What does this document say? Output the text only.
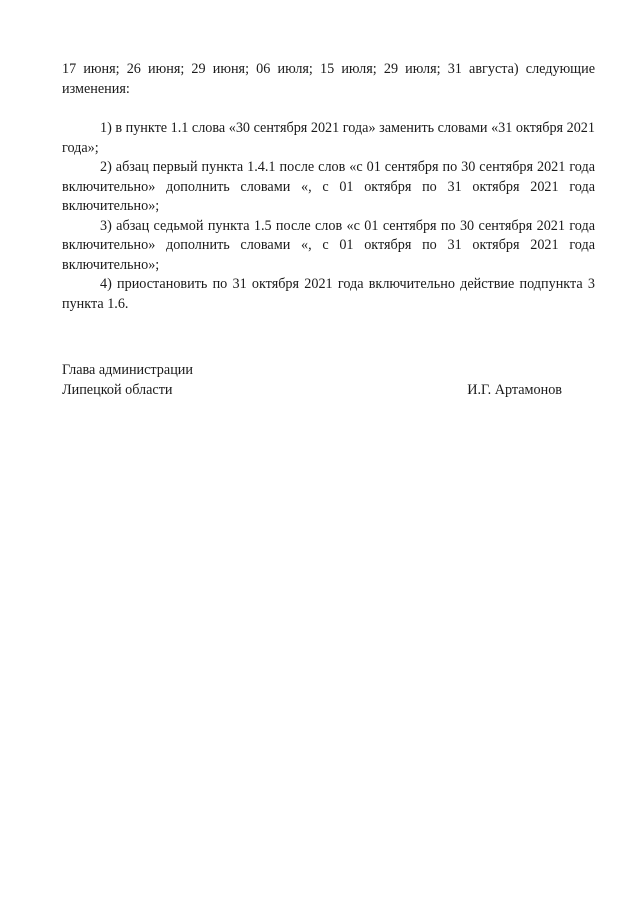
17 июня; 26 июня; 29 июня; 06 июля; 15 июля; 29 июля; 31 августа) следующие изменения:

1) в пункте 1.1 слова «30 сентября 2021 года» заменить словами «31 октября 2021 года»;

2) абзац первый пункта 1.4.1 после слов «с 01 сентября по 30 сентября 2021 года включительно» дополнить словами «, с 01 октября по 31 октября 2021 года включительно»;

3) абзац седьмой пункта 1.5 после слов «с 01 сентября по 30 сентября 2021 года включительно» дополнить словами «, с 01 октября по 31 октября 2021 года включительно»;

4) приостановить по 31 октября 2021 года включительно действие подпункта 3 пункта 1.6.

Глава администрации
Липецкой области	И.Г. Артамонов
